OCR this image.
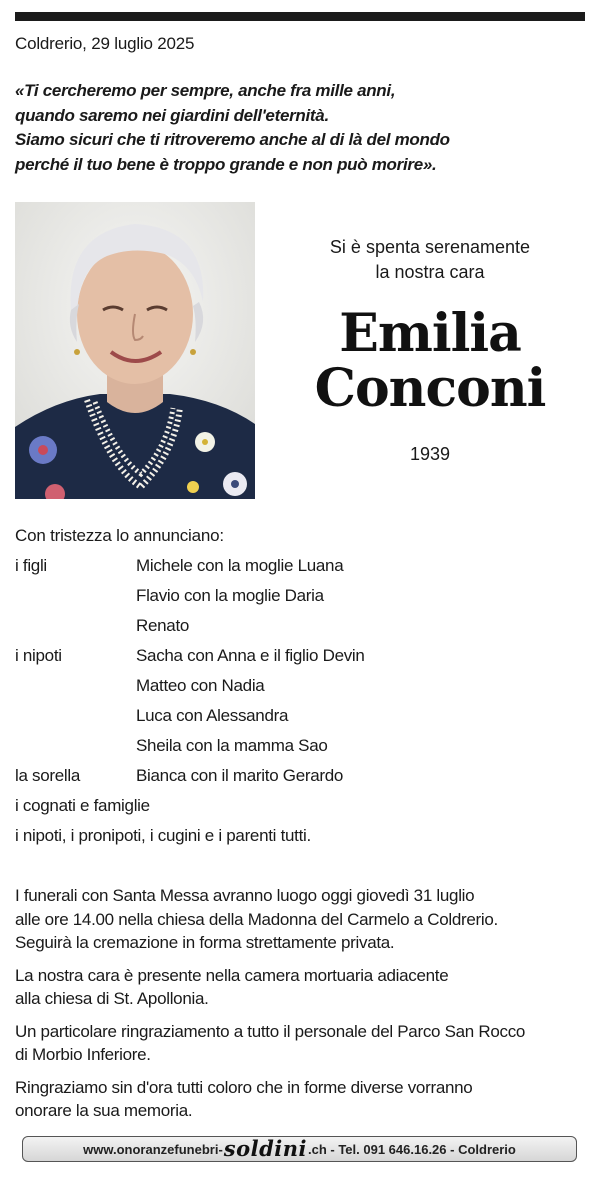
Coldrerio, 29 luglio 2025
«Ti cercheremo per sempre, anche fra mille anni,
quando saremo nei giardini dell'eternità.
Siamo sicuri che ti ritroveremo anche al di là del mondo
perché il tuo bene è troppo grande e non può morire».
Si è spenta serenamente
la nostra cara
Emilia
Conconi
1939
Con tristezza lo annunciano:
i figli	Michele con la moglie Luana
Flavio con la moglie Daria
Renato
i nipoti	Sacha con Anna e il figlio Devin
Matteo con Nadia
Luca con Alessandra
Sheila con la mamma Sao
la sorella	Bianca con il marito Gerardo
i cognati e famiglie
i nipoti, i pronipoti, i cugini e i parenti tutti.

I funerali con Santa Messa avranno luogo oggi giovedì 31 luglio
alle ore 14.00 nella chiesa della Madonna del Carmelo a Coldrerio.
Seguirà la cremazione in forma strettamente privata.

La nostra cara è presente nella camera mortuaria adiacente
alla chiesa di St. Apollonia.

Un particolare ringraziamento a tutto il personale del Parco San Rocco
di Morbio Inferiore.

Ringraziamo sin d'ora tutti coloro che in forme diverse vorranno
onorare la sua memoria.

www.onoranzefunebri- soldini .ch - Tel. 091 646.16.26 - Coldrerio
